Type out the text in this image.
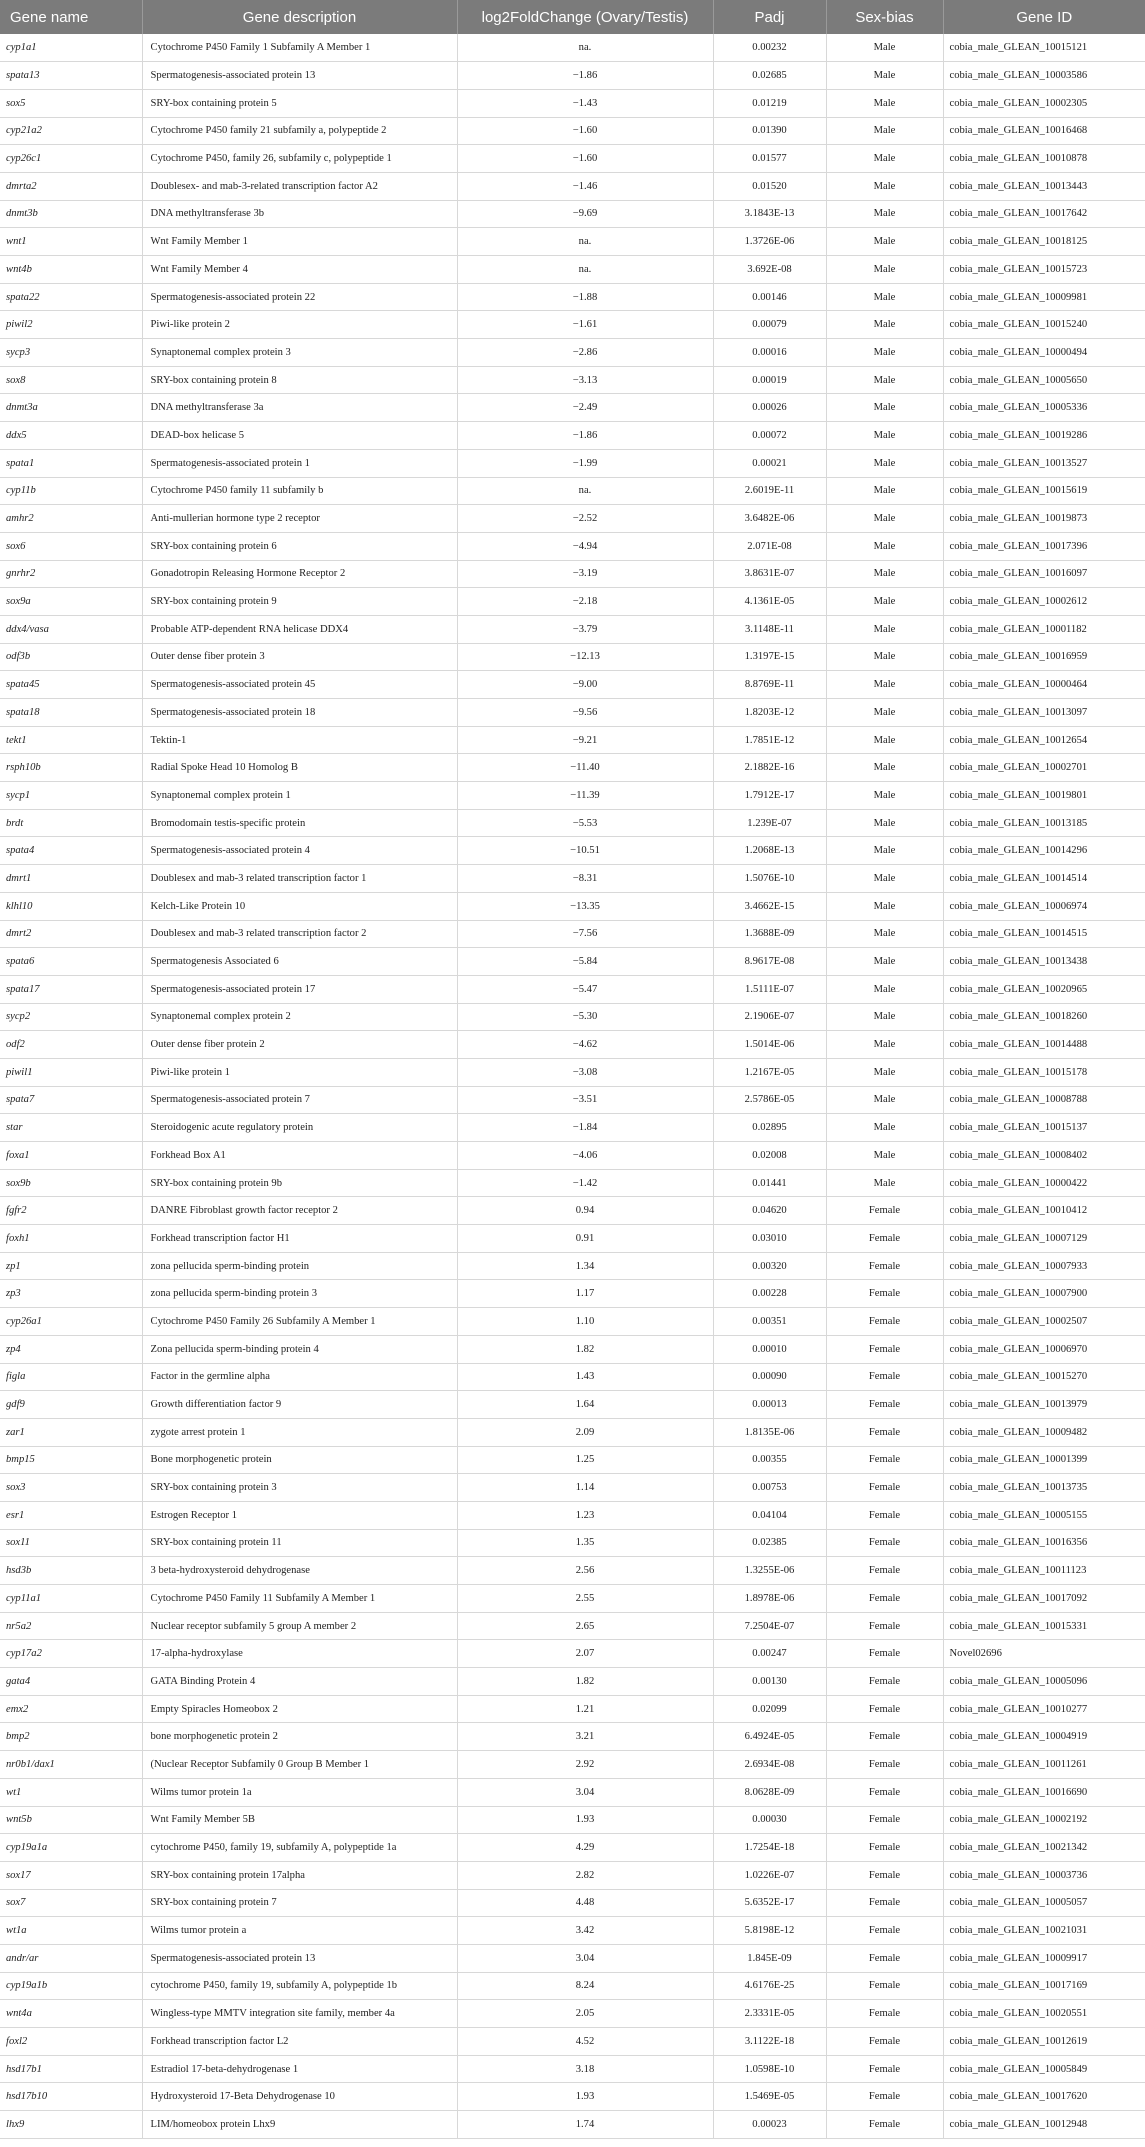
Gene name	Gene description	log2FoldChange (Ovary/Testis)	Padj	Sex-bias	Gene ID
cyp1a1	Cytochrome P450 Family 1 Subfamily A Member 1	na.	0.00232	Male	cobia_male_GLEAN_10015121
spata13	Spermatogenesis-associated protein 13	−1.86	0.02685	Male	cobia_male_GLEAN_10003586
sox5	SRY-box containing protein 5	−1.43	0.01219	Male	cobia_male_GLEAN_10002305
cyp21a2	Cytochrome P450 family 21 subfamily a, polypeptide 2	−1.60	0.01390	Male	cobia_male_GLEAN_10016468
cyp26c1	Cytochrome P450, family 26, subfamily c, polypeptide 1	−1.60	0.01577	Male	cobia_male_GLEAN_10010878
dmrta2	Doublesex- and mab-3-related transcription factor A2	−1.46	0.01520	Male	cobia_male_GLEAN_10013443
dnmt3b	DNA methyltransferase 3b	−9.69	3.1843E-13	Male	cobia_male_GLEAN_10017642
wnt1	Wnt Family Member 1	na.	1.3726E-06	Male	cobia_male_GLEAN_10018125
wnt4b	Wnt Family Member 4	na.	3.692E-08	Male	cobia_male_GLEAN_10015723
spata22	Spermatogenesis-associated protein 22	−1.88	0.00146	Male	cobia_male_GLEAN_10009981
piwil2	Piwi-like protein 2	−1.61	0.00079	Male	cobia_male_GLEAN_10015240
sycp3	Synaptonemal complex protein 3	−2.86	0.00016	Male	cobia_male_GLEAN_10000494
sox8	SRY-box containing protein 8	−3.13	0.00019	Male	cobia_male_GLEAN_10005650
dnmt3a	DNA methyltransferase 3a	−2.49	0.00026	Male	cobia_male_GLEAN_10005336
ddx5	DEAD-box helicase 5	−1.86	0.00072	Male	cobia_male_GLEAN_10019286
spata1	Spermatogenesis-associated protein 1	−1.99	0.00021	Male	cobia_male_GLEAN_10013527
cyp11b	Cytochrome P450 family 11 subfamily b	na.	2.6019E-11	Male	cobia_male_GLEAN_10015619
amhr2	Anti-mullerian hormone type 2 receptor	−2.52	3.6482E-06	Male	cobia_male_GLEAN_10019873
sox6	SRY-box containing protein 6	−4.94	2.071E-08	Male	cobia_male_GLEAN_10017396
gnrhr2	Gonadotropin Releasing Hormone Receptor 2	−3.19	3.8631E-07	Male	cobia_male_GLEAN_10016097
sox9a	SRY-box containing protein 9	−2.18	4.1361E-05	Male	cobia_male_GLEAN_10002612
ddx4/vasa	Probable ATP-dependent RNA helicase DDX4	−3.79	3.1148E-11	Male	cobia_male_GLEAN_10001182
odf3b	Outer dense fiber protein 3	−12.13	1.3197E-15	Male	cobia_male_GLEAN_10016959
spata45	Spermatogenesis-associated protein 45	−9.00	8.8769E-11	Male	cobia_male_GLEAN_10000464
spata18	Spermatogenesis-associated protein 18	−9.56	1.8203E-12	Male	cobia_male_GLEAN_10013097
tekt1	Tektin-1	−9.21	1.7851E-12	Male	cobia_male_GLEAN_10012654
rsph10b	Radial Spoke Head 10 Homolog B	−11.40	2.1882E-16	Male	cobia_male_GLEAN_10002701
sycp1	Synaptonemal complex protein 1	−11.39	1.7912E-17	Male	cobia_male_GLEAN_10019801
brdt	Bromodomain testis-specific protein	−5.53	1.239E-07	Male	cobia_male_GLEAN_10013185
spata4	Spermatogenesis-associated protein 4	−10.51	1.2068E-13	Male	cobia_male_GLEAN_10014296
dmrt1	Doublesex and mab-3 related transcription factor 1	−8.31	1.5076E-10	Male	cobia_male_GLEAN_10014514
klhl10	Kelch-Like Protein 10	−13.35	3.4662E-15	Male	cobia_male_GLEAN_10006974
dmrt2	Doublesex and mab-3 related transcription factor 2	−7.56	1.3688E-09	Male	cobia_male_GLEAN_10014515
spata6	Spermatogenesis Associated 6	−5.84	8.9617E-08	Male	cobia_male_GLEAN_10013438
spata17	Spermatogenesis-associated protein 17	−5.47	1.5111E-07	Male	cobia_male_GLEAN_10020965
sycp2	Synaptonemal complex protein 2	−5.30	2.1906E-07	Male	cobia_male_GLEAN_10018260
odf2	Outer dense fiber protein 2	−4.62	1.5014E-06	Male	cobia_male_GLEAN_10014488
piwil1	Piwi-like protein 1	−3.08	1.2167E-05	Male	cobia_male_GLEAN_10015178
spata7	Spermatogenesis-associated protein 7	−3.51	2.5786E-05	Male	cobia_male_GLEAN_10008788
star	Steroidogenic acute regulatory protein	−1.84	0.02895	Male	cobia_male_GLEAN_10015137
foxa1	Forkhead Box A1	−4.06	0.02008	Male	cobia_male_GLEAN_10008402
sox9b	SRY-box containing protein 9b	−1.42	0.01441	Male	cobia_male_GLEAN_10000422
fgfr2	DANRE Fibroblast growth factor receptor 2	0.94	0.04620	Female	cobia_male_GLEAN_10010412
foxh1	Forkhead transcription factor H1	0.91	0.03010	Female	cobia_male_GLEAN_10007129
zp1	zona pellucida sperm-binding protein	1.34	0.00320	Female	cobia_male_GLEAN_10007933
zp3	zona pellucida sperm-binding protein 3	1.17	0.00228	Female	cobia_male_GLEAN_10007900
cyp26a1	Cytochrome P450 Family 26 Subfamily A Member 1	1.10	0.00351	Female	cobia_male_GLEAN_10002507
zp4	Zona pellucida sperm-binding protein 4	1.82	0.00010	Female	cobia_male_GLEAN_10006970
figla	Factor in the germline alpha	1.43	0.00090	Female	cobia_male_GLEAN_10015270
gdf9	Growth differentiation factor 9	1.64	0.00013	Female	cobia_male_GLEAN_10013979
zar1	zygote arrest protein 1	2.09	1.8135E-06	Female	cobia_male_GLEAN_10009482
bmp15	Bone morphogenetic protein	1.25	0.00355	Female	cobia_male_GLEAN_10001399
sox3	SRY-box containing protein 3	1.14	0.00753	Female	cobia_male_GLEAN_10013735
esr1	Estrogen Receptor 1	1.23	0.04104	Female	cobia_male_GLEAN_10005155
sox11	SRY-box containing protein 11	1.35	0.02385	Female	cobia_male_GLEAN_10016356
hsd3b	3 beta-hydroxysteroid dehydrogenase	2.56	1.3255E-06	Female	cobia_male_GLEAN_10011123
cyp11a1	Cytochrome P450 Family 11 Subfamily A Member 1	2.55	1.8978E-06	Female	cobia_male_GLEAN_10017092
nr5a2	Nuclear receptor subfamily 5 group A member 2	2.65	7.2504E-07	Female	cobia_male_GLEAN_10015331
cyp17a2	17-alpha-hydroxylase	2.07	0.00247	Female	Novel02696
gata4	GATA Binding Protein 4	1.82	0.00130	Female	cobia_male_GLEAN_10005096
emx2	Empty Spiracles Homeobox 2	1.21	0.02099	Female	cobia_male_GLEAN_10010277
bmp2	bone morphogenetic protein 2	3.21	6.4924E-05	Female	cobia_male_GLEAN_10004919
nr0b1/dax1	(Nuclear Receptor Subfamily 0 Group B Member 1	2.92	2.6934E-08	Female	cobia_male_GLEAN_10011261
wt1	Wilms tumor protein 1a	3.04	8.0628E-09	Female	cobia_male_GLEAN_10016690
wnt5b	Wnt Family Member 5B	1.93	0.00030	Female	cobia_male_GLEAN_10002192
cyp19a1a	cytochrome P450, family 19, subfamily A, polypeptide 1a	4.29	1.7254E-18	Female	cobia_male_GLEAN_10021342
sox17	SRY-box containing protein 17alpha	2.82	1.0226E-07	Female	cobia_male_GLEAN_10003736
sox7	SRY-box containing protein 7	4.48	5.6352E-17	Female	cobia_male_GLEAN_10005057
wt1a	Wilms tumor protein a	3.42	5.8198E-12	Female	cobia_male_GLEAN_10021031
andr/ar	Spermatogenesis-associated protein 13	3.04	1.845E-09	Female	cobia_male_GLEAN_10009917
cyp19a1b	cytochrome P450, family 19, subfamily A, polypeptide 1b	8.24	4.6176E-25	Female	cobia_male_GLEAN_10017169
wnt4a	Wingless-type MMTV integration site family, member 4a	2.05	2.3331E-05	Female	cobia_male_GLEAN_10020551
foxl2	Forkhead transcription factor L2	4.52	3.1122E-18	Female	cobia_male_GLEAN_10012619
hsd17b1	Estradiol 17-beta-dehydrogenase 1	3.18	1.0598E-10	Female	cobia_male_GLEAN_10005849
hsd17b10	Hydroxysteroid 17-Beta Dehydrogenase 10	1.93	1.5469E-05	Female	cobia_male_GLEAN_10017620
lhx9	LIM/homeobox protein Lhx9	1.74	0.00023	Female	cobia_male_GLEAN_10012948
